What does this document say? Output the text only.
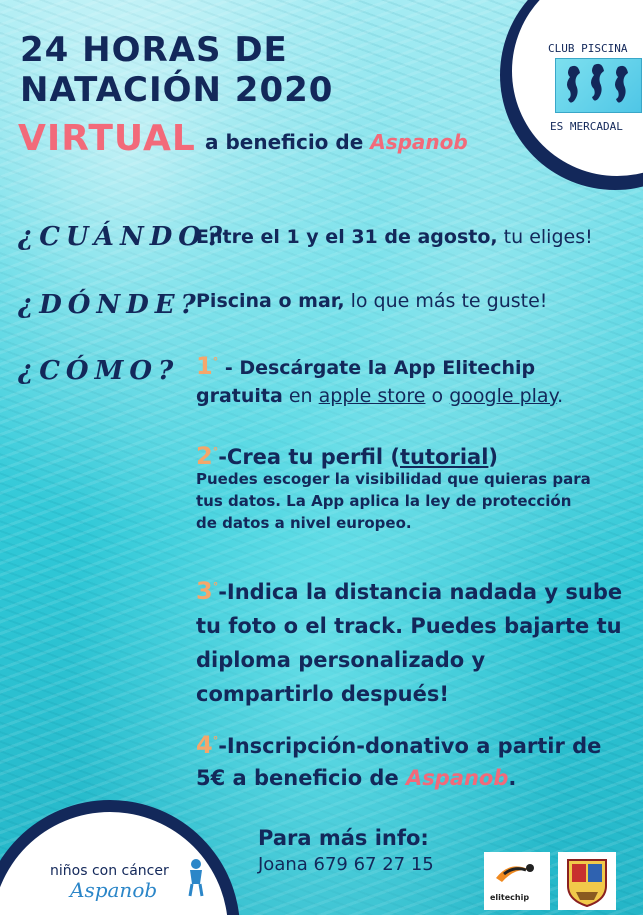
CLUB PISCINA
ES MERCADAL
24 HORAS DE
NATACIÓN 2020
VIRTUAL a beneficio de Aspanob
¿CUÁNDO?
Entre el 1 y el 31 de agosto, tu eliges!
¿DÓNDE?
Piscina o mar, lo que más te guste!
¿CÓMO? 1° - Descárgate la App Elitechip
gratuita en apple store o google play.
2°-Crea tu perfil (tutorial)
Puedes escoger la visibilidad que quieras para tus datos. La App aplica la ley de protección de datos a nivel europeo.
3°-Indica la distancia nadada y sube tu foto o el track. Puedes bajarte tu diploma personalizado y compartirlo después!
4°-Inscripción-donativo a partir de 5€ a beneficio de Aspanob.
niños con cáncer
Aspanob
Para más info:
Joana 679 67 27 15
elitechip
